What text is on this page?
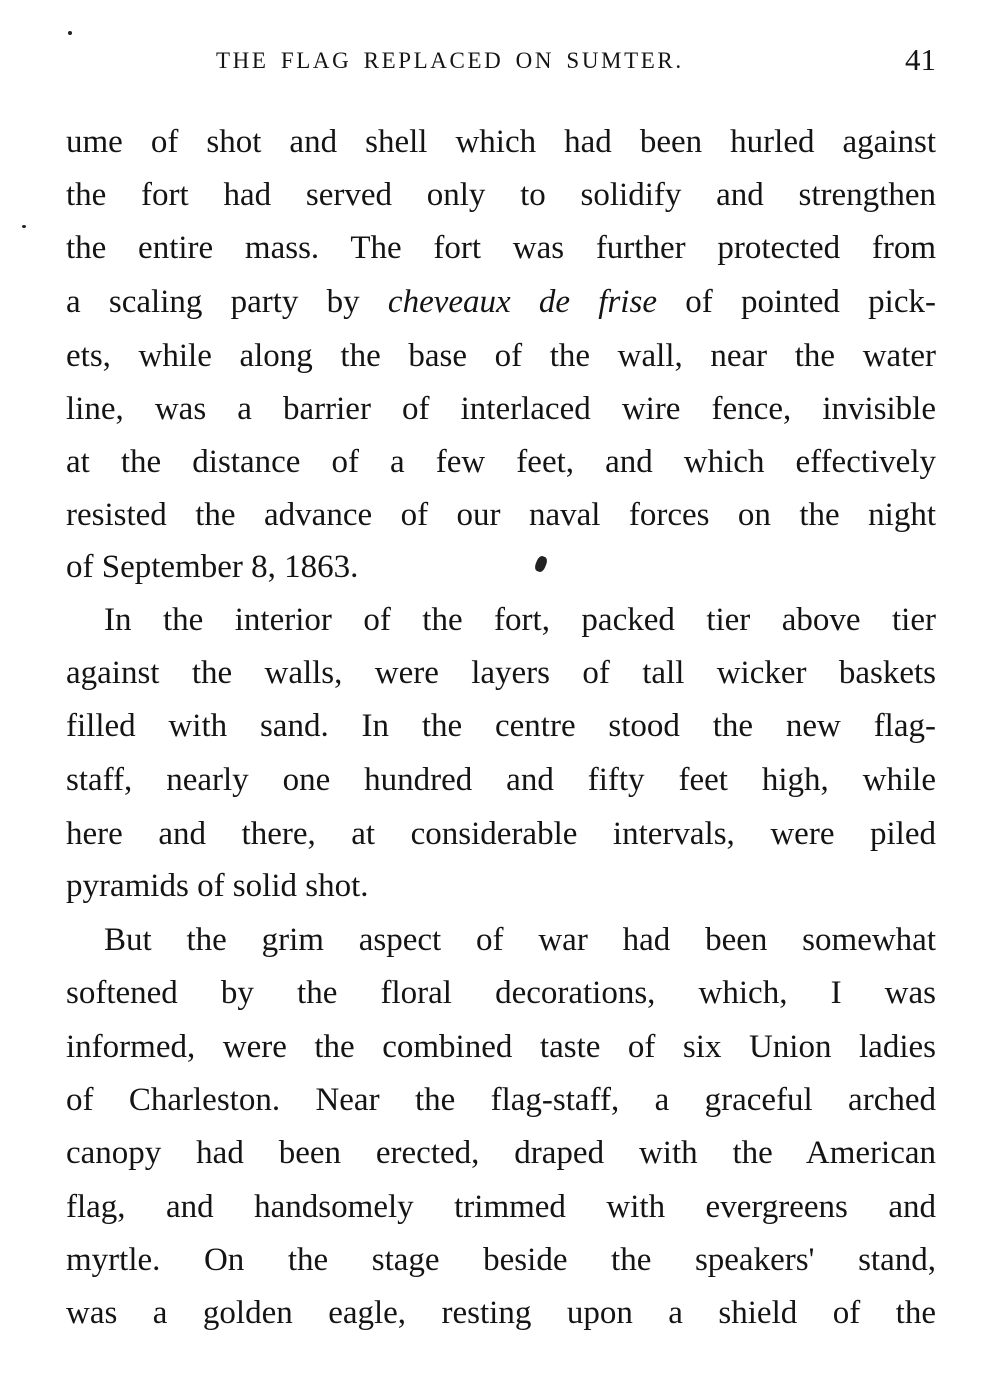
THE FLAG REPLACED ON SUMTER.	41
ume of shot and shell which had been hurled against
the fort had served only to solidify and strengthen
the entire mass. The fort was further protected from
a scaling party by cheveaux de frise of pointed pick-
ets, while along the base of the wall, near the water
line, was a barrier of interlaced wire fence, invisible
at the distance of a few feet, and which effectively
resisted the advance of our naval forces on the night
of September 8, 1863.
In the interior of the fort, packed tier above tier
against the walls, were layers of tall wicker baskets
filled with sand. In the centre stood the new flag-
staff, nearly one hundred and fifty feet high, while
here and there, at considerable intervals, were piled
pyramids of solid shot.
But the grim aspect of war had been somewhat
softened by the floral decorations, which, I was
informed, were the combined taste of six Union ladies
of Charleston. Near the flag-staff, a graceful arched
canopy had been erected, draped with the American
flag, and handsomely trimmed with evergreens and
myrtle. On the stage beside the speakers' stand,
was a golden eagle, resting upon a shield of the
